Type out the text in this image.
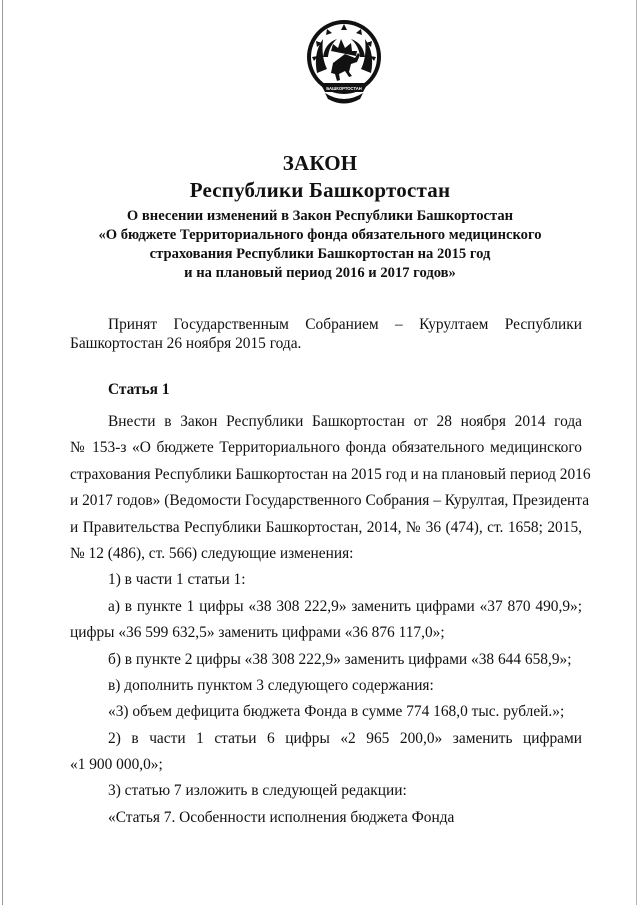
БАШКОРТОСТАН
ЗАКОН
Республики Башкортостан
О внесении изменений в Закон Республики Башкортостан
«О бюджете Территориального фонда обязательного медицинского
страхования Республики Башкортостан на 2015 год
и на плановый период 2016 и 2017 годов»
Принят Государственным Собранием – Курултаем Республики
Башкортостан 26 ноября 2015 года.
Статья 1
Внести в Закон Республики Башкортостан от 28 ноября 2014 года
№ 153-з «О бюджете Территориального фонда обязательного медицинского
страхования Республики Башкортостан на 2015 год и на плановый период 2016
и 2017 годов» (Ведомости Государственного Собрания – Курултая, Президента
и Правительства Республики Башкортостан, 2014, № 36 (474), ст. 1658; 2015,
№ 12 (486), ст. 566) следующие изменения:
1) в части 1 статьи 1:
а) в пункте 1 цифры «38 308 222,9» заменить цифрами «37 870 490,9»;
цифры «36 599 632,5» заменить цифрами «36 876 117,0»;
б) в пункте 2 цифры «38 308 222,9» заменить цифрами «38 644 658,9»;
в) дополнить пунктом 3 следующего содержания:
«3) объем дефицита бюджета Фонда в сумме 774 168,0 тыс. рублей.»;
2) в части 1 статьи 6 цифры «2 965 200,0» заменить цифрами
«1 900 000,0»;
3) статью 7 изложить в следующей редакции:
«Статья 7. Особенности исполнения бюджета Фонда
